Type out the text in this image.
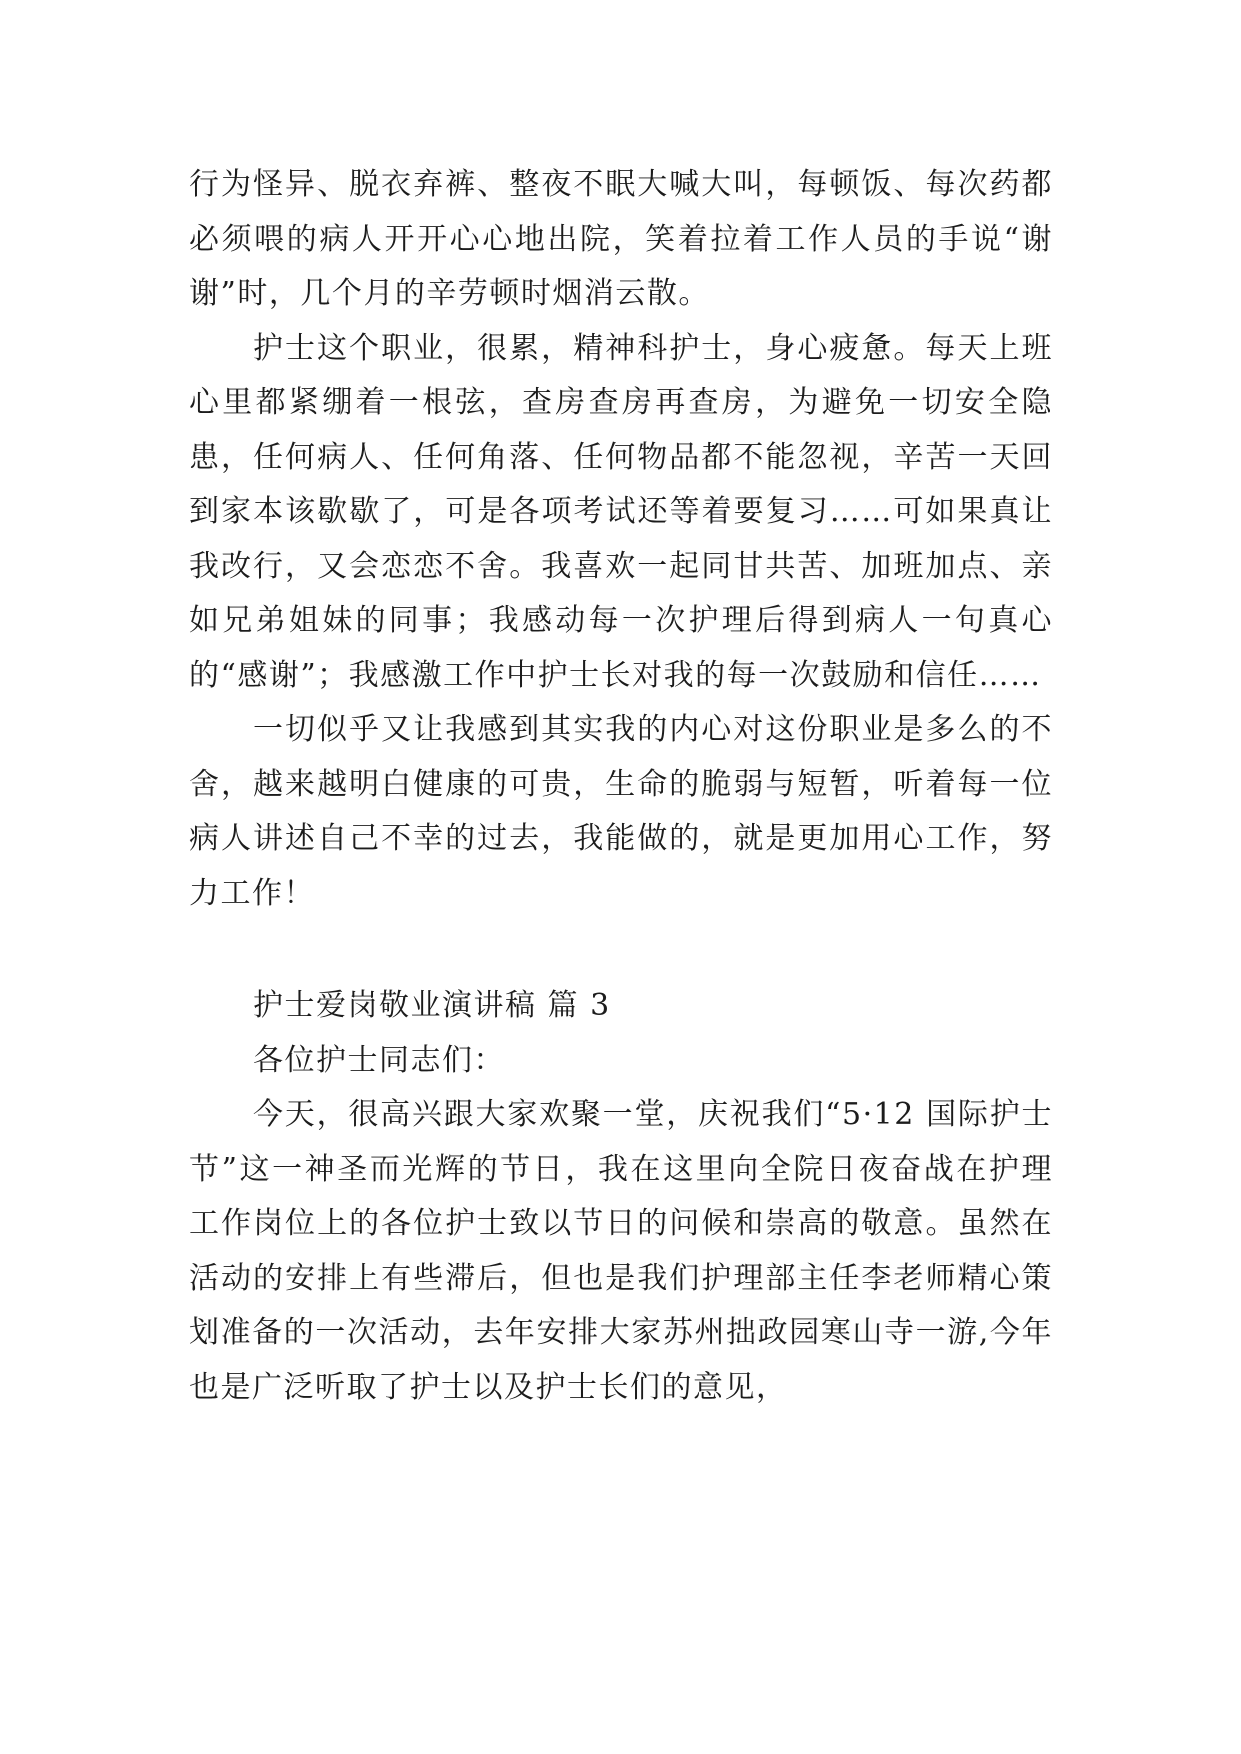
行为怪异、脱衣弃裤、整夜不眠大喊大叫，每顿饭、每次药都必须喂的病人开开心心地出院，笑着拉着工作人员的手说“谢谢”时，几个月的辛劳顿时烟消云散。

护士这个职业，很累，精神科护士，身心疲惫。每天上班心里都紧绷着一根弦，查房查房再查房，为避免一切安全隐患，任何病人、任何角落、任何物品都不能忽视，辛苦一天回到家本该歇歇了，可是各项考试还等着要复习……可如果真让我改行，又会恋恋不舍。我喜欢一起同甘共苦、加班加点、亲如兄弟姐妹的同事；我感动每一次护理后得到病人一句真心的“感谢”；我感激工作中护士长对我的每一次鼓励和信任……

一切似乎又让我感到其实我的内心对这份职业是多么的不舍，越来越明白健康的可贵，生命的脆弱与短暂，听着每一位病人讲述自己不幸的过去，我能做的，就是更加用心工作，努力工作！

护士爱岗敬业演讲稿 篇 3

各位护士同志们：

今天，很高兴跟大家欢聚一堂，庆祝我们“5·12 国际护士节”这一神圣而光辉的节日，我在这里向全院日夜奋战在护理工作岗位上的各位护士致以节日的问候和崇高的敬意。虽然在活动的安排上有些滞后，但也是我们护理部主任李老师精心策划准备的一次活动，去年安排大家苏州拙政园寒山寺一游,今年也是广泛听取了护士以及护士长们的意见，
